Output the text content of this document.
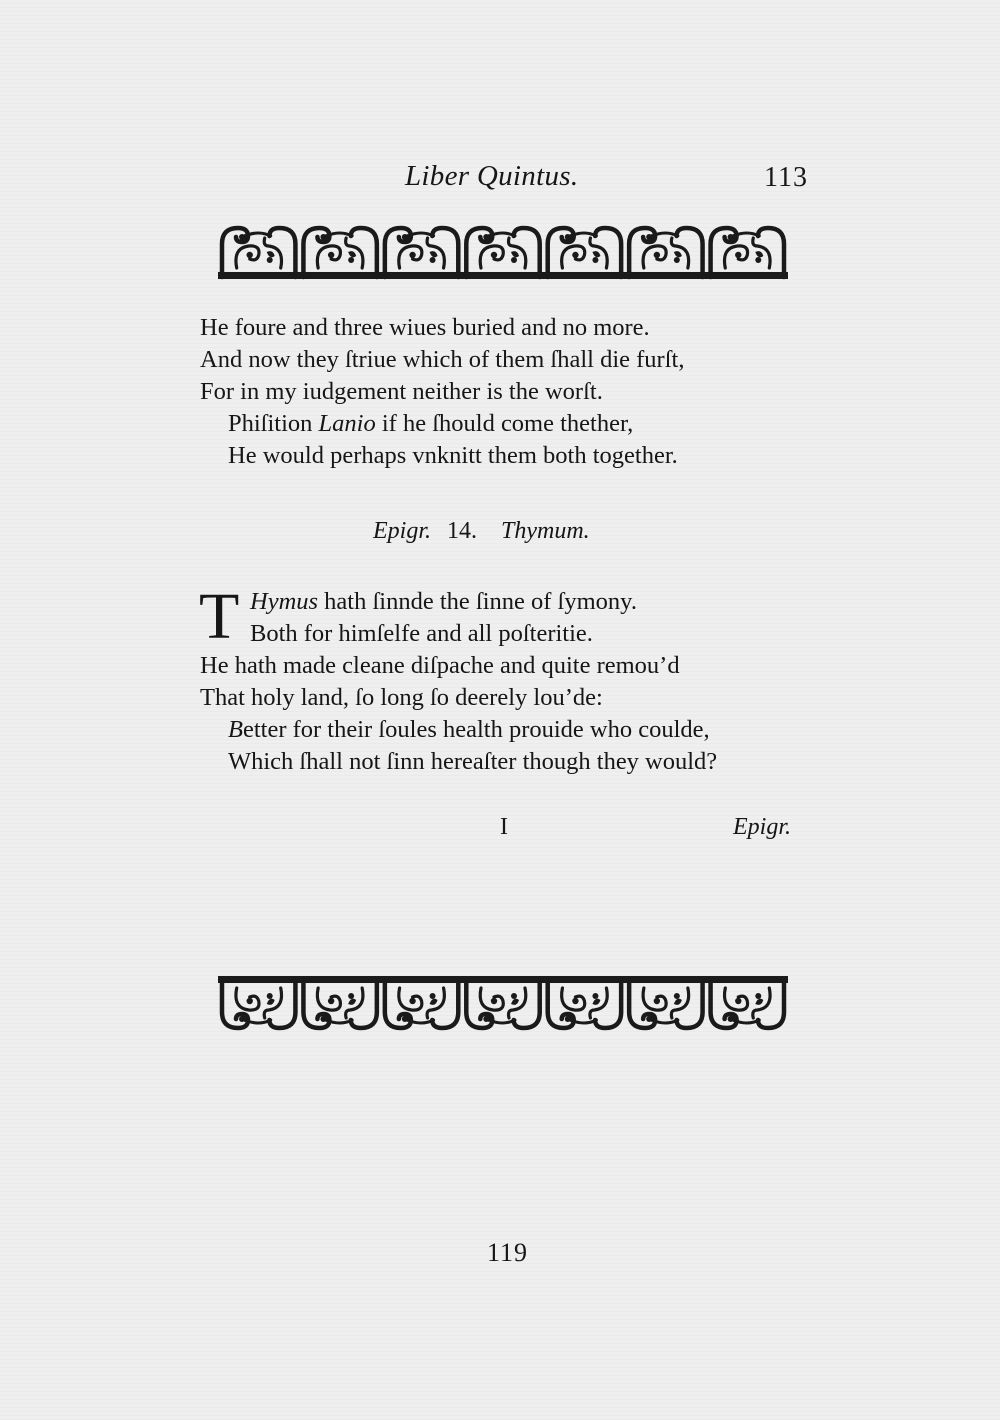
Liber Quintus.	113
He foure and three wiues buried and no more.
And now they ſtriue which of them ſhall die furſt,
For in my iudgement neither is the worſt.
Phiſition Lanio if he ſhould come thether,
He would perhaps vnknitt them both together.
Epigr. 14. Thymum.
T Hymus hath ſinnde the ſinne of ſymony.
Both for himſelfe and all poſteritie.
He hath made cleane diſpache and quite remou’d
That holy land, ſo long ſo deerely lou’de:
Better for their ſoules health prouide who coulde,
Which ſhall not ſinn hereaſter though they would?
I	Epigr.
119
